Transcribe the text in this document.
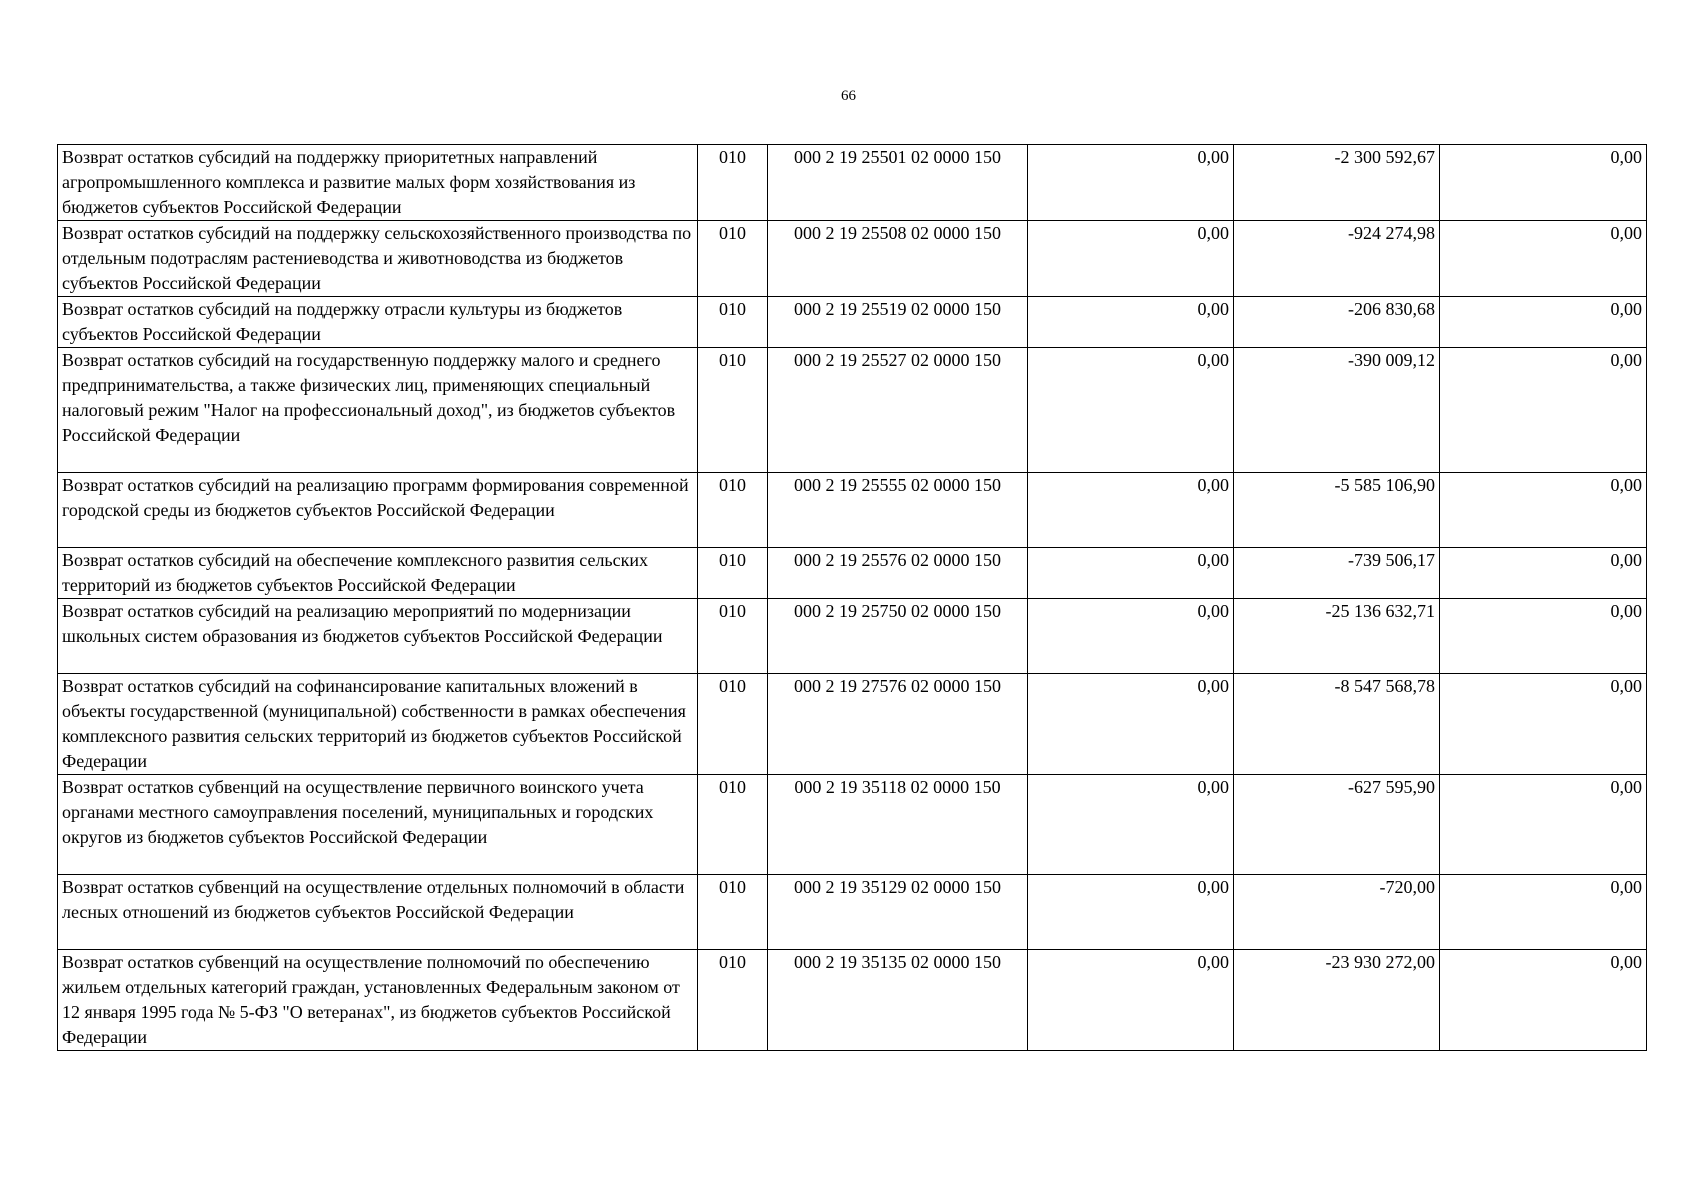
66
Возврат остатков субсидий на поддержку приоритетных направлений агропромышленного комплекса и развитие малых форм хозяйствования из бюджетов субъектов Российской Федерации	010	000 2 19 25501 02 0000 150	0,00	-2 300 592,67	0,00
Возврат остатков субсидий на поддержку сельскохозяйственного производства по отдельным подотраслям растениеводства и животноводства из бюджетов субъектов Российской Федерации	010	000 2 19 25508 02 0000 150	0,00	-924 274,98	0,00
Возврат остатков субсидий на поддержку отрасли культуры из бюджетов субъектов Российской Федерации	010	000 2 19 25519 02 0000 150	0,00	-206 830,68	0,00
Возврат остатков субсидий на государственную поддержку малого и среднего предпринимательства, а также физических лиц, применяющих специальный налоговый режим "Налог на профессиональный доход", из бюджетов субъектов Российской Федерации	010	000 2 19 25527 02 0000 150	0,00	-390 009,12	0,00
Возврат остатков субсидий на реализацию программ формирования современной городской среды из бюджетов субъектов Российской Федерации	010	000 2 19 25555 02 0000 150	0,00	-5 585 106,90	0,00
Возврат остатков субсидий на обеспечение комплексного развития сельских территорий из бюджетов субъектов Российской Федерации	010	000 2 19 25576 02 0000 150	0,00	-739 506,17	0,00
Возврат остатков субсидий на реализацию мероприятий по модернизации школьных систем образования из бюджетов субъектов Российской Федерации	010	000 2 19 25750 02 0000 150	0,00	-25 136 632,71	0,00
Возврат остатков субсидий на софинансирование капитальных вложений в объекты государственной (муниципальной) собственности в рамках обеспечения комплексного развития сельских территорий из бюджетов субъектов Российской Федерации	010	000 2 19 27576 02 0000 150	0,00	-8 547 568,78	0,00
Возврат остатков субвенций на осуществление первичного воинского учета органами местного самоуправления поселений, муниципальных и городских округов из бюджетов субъектов Российской Федерации	010	000 2 19 35118 02 0000 150	0,00	-627 595,90	0,00
Возврат остатков субвенций на осуществление отдельных полномочий в области лесных отношений из бюджетов субъектов Российской Федерации	010	000 2 19 35129 02 0000 150	0,00	-720,00	0,00
Возврат остатков субвенций на осуществление полномочий по обеспечению жильем отдельных категорий граждан, установленных Федеральным законом от 12 января 1995 года № 5-ФЗ "О ветеранах", из бюджетов субъектов Российской Федерации	010	000 2 19 35135 02 0000 150	0,00	-23 930 272,00	0,00
